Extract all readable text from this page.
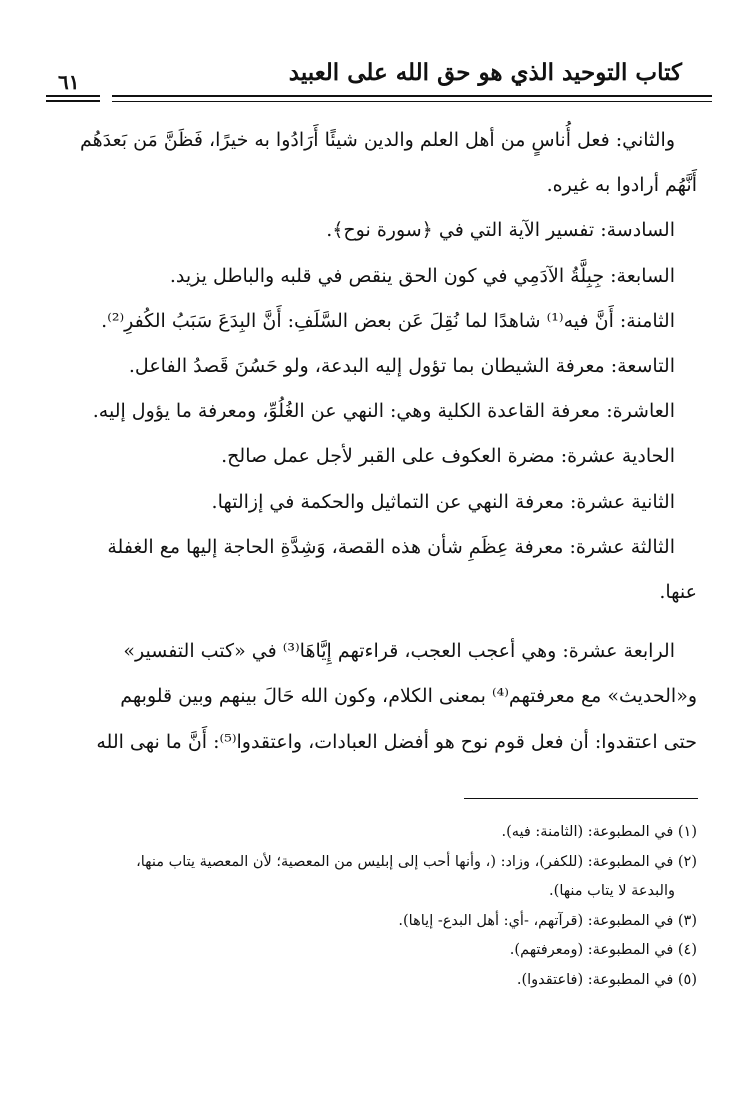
كتاب التوحيد الذي هو حق الله على العبيد
٦١

والثاني: فعل أُناسٍ من أهل العلم والدين شيئًا أَرَادُوا به خيرًا، فَظَنَّ مَن بَعدَهُم

أَنَّهُم أرادوا به غيره.

السادسة: تفسير الآية التي في ﴿سورة نوح﴾.

السابعة: جِبِلَّةُ الآدَمِي في كون الحق ينقص في قلبه والباطل يزيد.

الثامنة: أَنَّ فيه⁽¹⁾ شاهدًا لما نُقِلَ عَن بعض السَّلَفِ: أَنَّ البِدَعَ سَبَبُ الكُفرِ⁽²⁾.

التاسعة: معرفة الشيطان بما تؤول إليه البدعة، ولو حَسُنَ قَصدُ الفاعل.

العاشرة: معرفة القاعدة الكلية وهي: النهي عن الغُلُوِّ، ومعرفة ما يؤول إليه.

الحادية عشرة: مضرة العكوف على القبر لأجل عمل صالح.

الثانية عشرة: معرفة النهي عن التماثيل والحكمة في إزالتها.

الثالثة عشرة: معرفة عِظَمِ شأن هذه القصة، وَشِدَّةِ الحاجة إليها مع الغفلة

عنها.

الرابعة عشرة: وهي أعجب العجب، قراءتهم إِيَّاهَا⁽³⁾ في «كتب التفسير»

و«الحديث» مع معرفتهم⁽⁴⁾ بمعنى الكلام، وكون الله حَالَ بينهم وبين قلوبهم

حتى اعتقدوا: أن فعل قوم نوح هو أفضل العبادات، واعتقدوا⁽⁵⁾: أَنَّ ما نهى الله

(١) في المطبوعة: (الثامنة: فيه).

(٢) في المطبوعة: (للكفر)، وزاد: (، وأنها أحب إلى إبليس من المعصية؛ لأن المعصية يتاب منها،

والبدعة لا يتاب منها).

(٣) في المطبوعة: (قرآتهم، -أي: أهل البدع- إياها).

(٤) في المطبوعة: (ومعرفتهم).

(٥) في المطبوعة: (فاعتقدوا).
